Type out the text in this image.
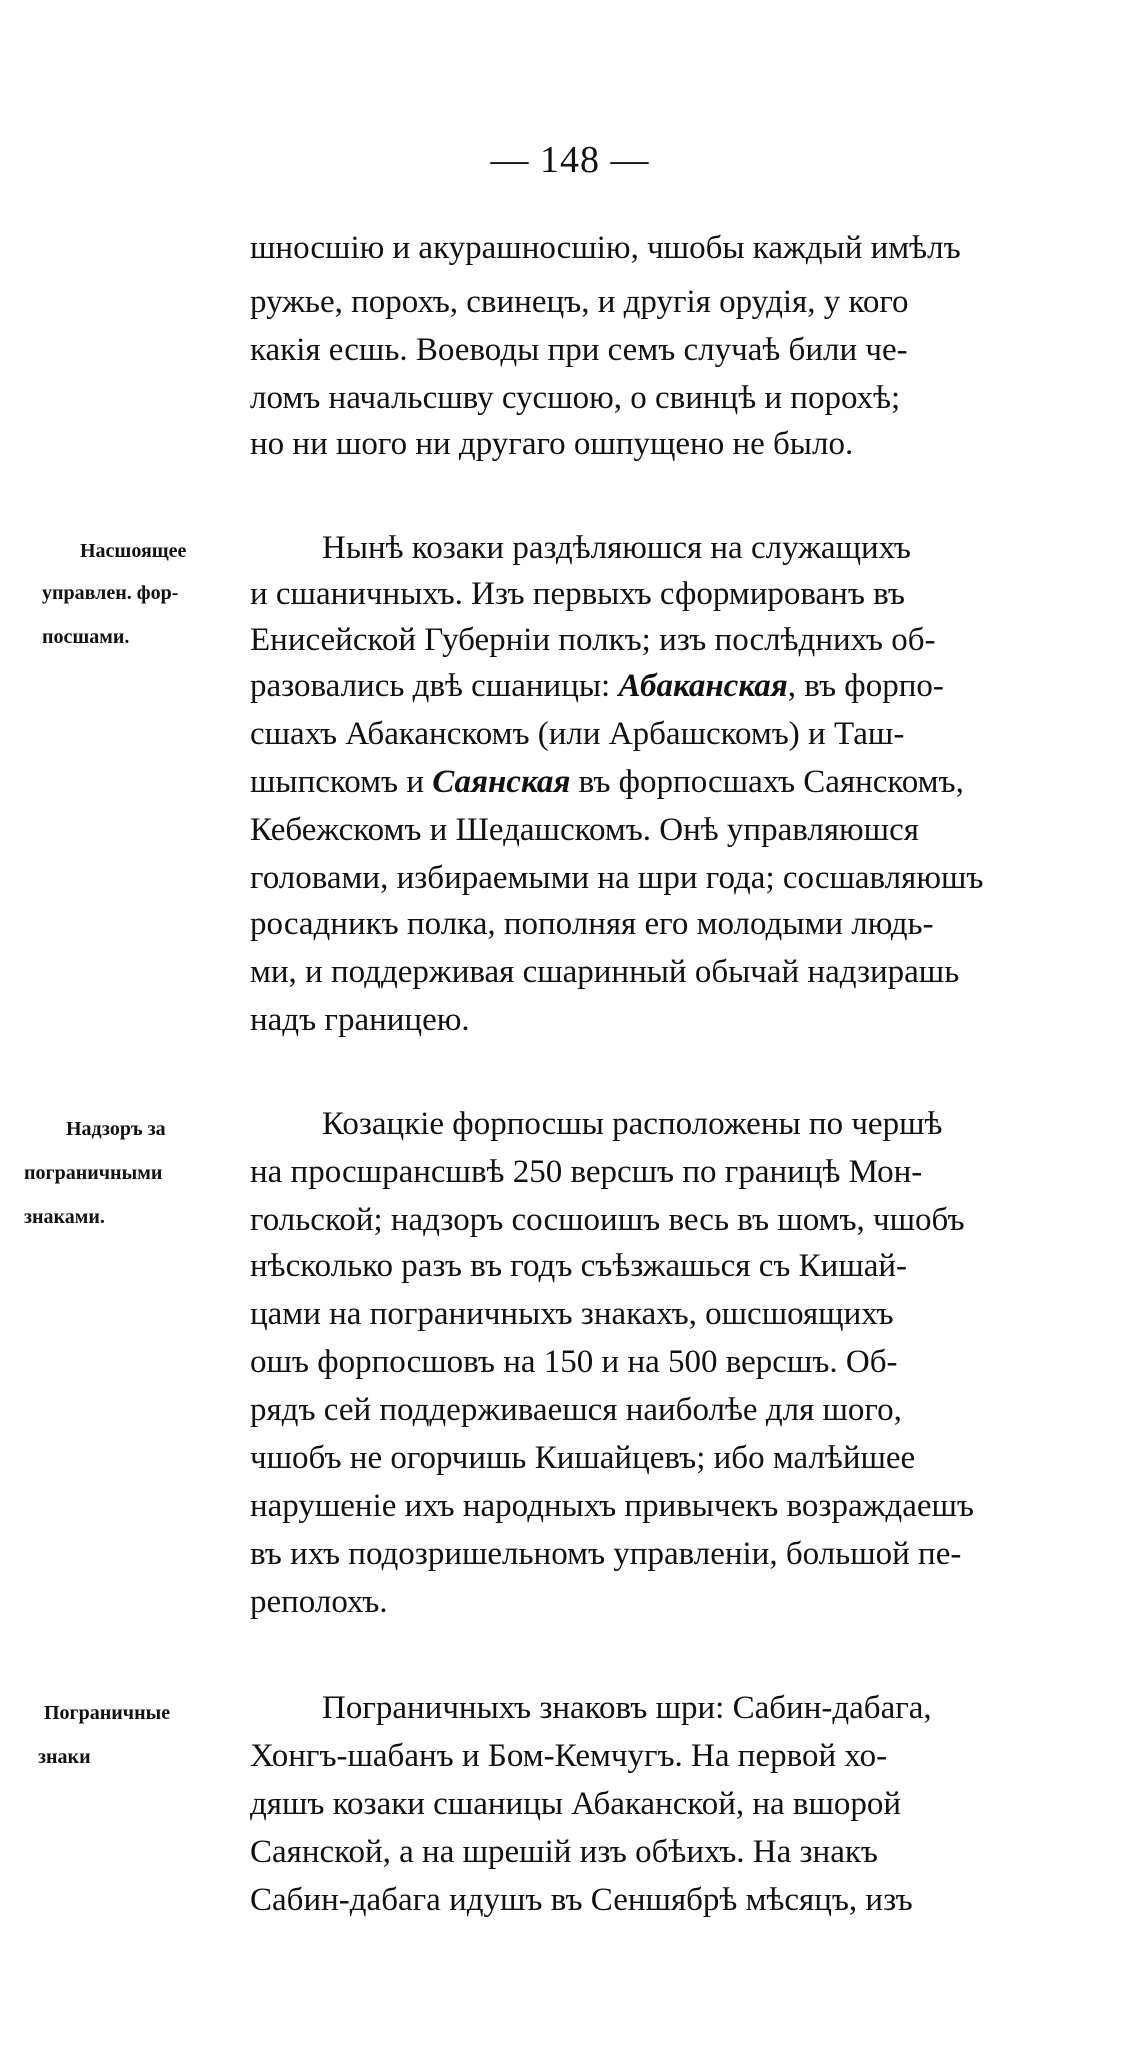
— 148 —
шносшію и акурашносшію, чшобы каждый имѣлъ
ружье, порохъ, свинецъ, и другія орудія, у кого
какія есшь. Воеводы при семъ случаѣ били че-
ломъ начальсшву сусшою, о свинцѣ и порохѣ;
но ни шого ни другаго ошпущено не было.
Насшоящее
управлен. фор-
посшами.
Нынѣ козаки раздѣляюшся на служащихъ
и сшаничныхъ. Изъ первыхъ сформированъ въ
Енисейской Губерніи полкъ; изъ послѣднихъ об-
разовались двѣ сшаницы: Абаканская, въ форпо-
сшахъ Абаканскомъ (или Арбашскомъ) и Таш-
шыпскомъ и Саянская въ форпосшахъ Саянскомъ,
Кебежскомъ и Шедашскомъ. Онѣ управляюшся
головами, избираемыми на шри года; сосшавляюшъ
росадникъ полка, пополняя его молодыми людь-
ми, и поддерживая сшаринный обычай надзирашь
надъ границею.
Надзоръ за
пограничными
знаками.
Козацкіе форпосшы расположены по чершѣ
на просшрансшвѣ 250 версшъ по границѣ Мон-
гольской; надзоръ сосшоишъ весь въ шомъ, чшобъ
нѣсколько разъ въ годъ съѣзжашься съ Кишай-
цами на пограничныхъ знакахъ, ошсшоящихъ
ошъ форпосшовъ на 150 и на 500 версшъ. Об-
рядъ сей поддерживаешся наиболѣе для шого,
чшобъ не огорчишь Кишайцевъ; ибо малѣйшее
нарушеніе ихъ народныхъ привычекъ возраждаешъ
въ ихъ подозришельномъ управленіи, большой пе-
реполохъ.
Пограничные
знаки
Пограничныхъ знаковъ шри: Сабин-дабага,
Хонгъ-шабанъ и Бом-Кемчугъ. На первой хо-
дяшъ козаки сшаницы Абаканской, на вшорой
Саянской, а на шрешій изъ обѣихъ. На знакъ
Сабин-дабага идушъ въ Сеншябрѣ мѣсяцъ, изъ
